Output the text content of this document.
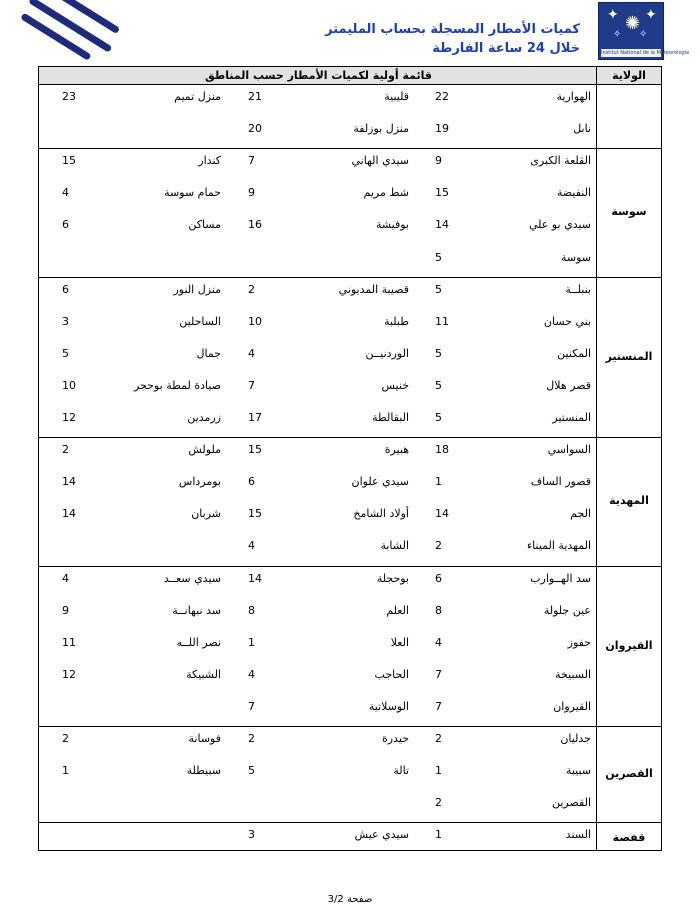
✦ ✺ ✦
✧ ✧
Institut National de la Météorologie
كميات الأمطار المسجلة بحساب المليمتر
خلال 24 ساعة الفارطة
قائمة أولية لكميات الأمطار حسب المناطق	الولاية
سوسة
المنستير
المهدية
القيروان
القصرين
قفصة
الهوارية
22
قليبية
21
منزل تميم
23
نابل
19
منزل بوزلفة
20
القلعة الكبرى
9
سيدي الهاني
7
كندار
15
النفيضة
15
شط مريم
9
حمام سوسة
4
سيدي بو علي
14
بوفيشة
16
مساكن
6
سوسة
5
بنبلــة
5
قصيبة المديوني
2
منزل النور
6
بني حسان
11
طبلبة
10
الساحلين
3
المكنين
5
الوردنيــن
4
جمال
5
قصر هلال
5
خنيس
7
صيادة لمطة بوحجر
10
المنستير
5
البقالطة
17
زرمدين
12
السواسي
18
هبيرة
15
ملولش
2
قصور الساف
1
سيدي علوان
6
بومرداس
14
الجم
14
أولاد الشامخ
15
شربان
14
المهدية الميناء
2
الشابة
4
سد الهــوارب
6
بوحجلة
14
سيدي سعــد
4
عين جلولة
8
العلم
8
سد نبهانــة
9
حفوز
4
العلا
1
نصر اللــه
11
السبيخة
7
الحاجب
4
الشبيكة
12
القيروان
7
الوسلاتية
7
جدليان
2
حيدرة
2
فوسانة
2
سبيبة
1
تالة
5
سبيطلة
1
القصرين
2
السند
1
سيدي عيش
3
صفحة 3/2
